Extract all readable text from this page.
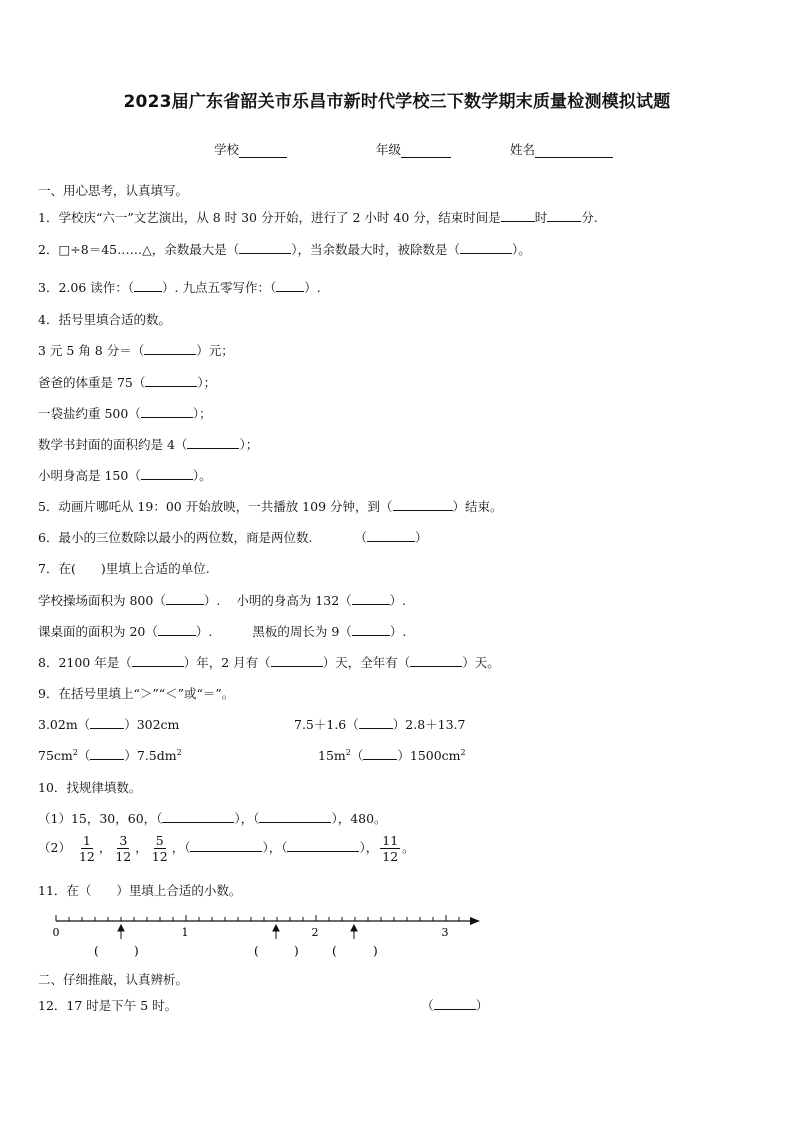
2023届广东省韶关市乐昌市新时代学校三下数学期末质量检测模拟试题
学校	年级	姓名
一、用心思考，认真填写。
1．学校庆“六一”文艺演出，从 8 时 30 分开始，进行了 2 小时 40 分，结束时间是	时	分.
2．□÷8＝45……△，余数最大是（	），当余数最大时，被除数是（	）。
3．2.06 读作：（ ）. 九点五零写作：（ ）.
4．括号里填合适的数。
3 元 5 角 8 分＝（	）元；
爸爸的体重是 75（	）；
一袋盐约重 500（	）；
数学书封面的面积约是 4（	）；
小明身高是 150（	）。
5．动画片哪吒从 19：00 开始放映，一共播放 109 分钟，到（	）结束。
6．最小的三位数除以最小的两位数，商是两位数.	（	）
7．在(　　)里填上合适的单位.
学校操场面积为 800（	）. 小明的身高为 132（	）.
课桌面的面积为 20（	）.	黑板的周长为 9（	）.
8．2100 年是（	）年，2 月有（	）天，全年有（	）天。
9．在括号里填上“＞”“＜”或“＝”。
3.02m（	）302cm	7.5＋1.6（	）2.8＋13.7
$75cm^2$（	）$7.5dm^2$	$15m^2$（	）$1500cm^2$
10．找规律填数。
（1）15，30，60，（	），（	），480。
$(2) \frac{1}{12}$ ， $\frac{3}{12}$ ， $\frac{5}{12}$ ，（	），（	）， $\frac{11}{12}$ 。
11．在（　　）里填上合适的小数。
0	1	2	3
(	)	(	)	(	)
二、仔细推敲，认真辨析。
12．17 时是下午 5 时。	（	）
